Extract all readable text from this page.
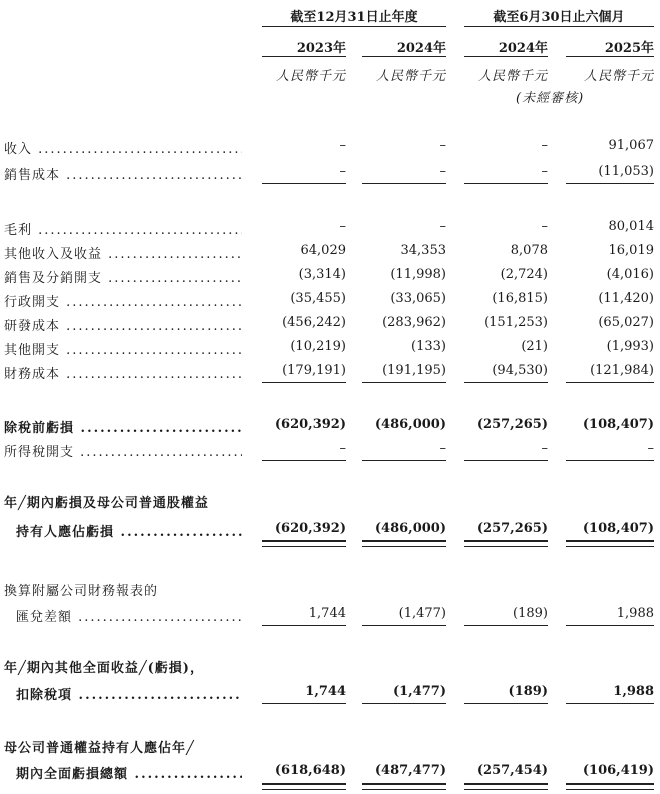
截至12月31日止年度	截至6月30日止六個月
2023年	2024年	2024年	2025年
人民幣千元	人民幣千元	人民幣千元	人民幣千元
(未經審核)
收入 .....	–	–	–	91,067
銷售成本 .....	–	–	–	(11,053)
毛利 .....	–	–	–	80,014
其他收入及收益 .....	64,029	34,353	8,078	16,019
銷售及分銷開支 .....	(3,314)	(11,998)	(2,724)	(4,016)
行政開支 .....	(35,455)	(33,065)	(16,815)	(11,420)
研發成本 .....	(456,242)	(283,962)	(151,253)	(65,027)
其他開支 .....	(10,219)	(133)	(21)	(1,993)
財務成本 .....	(179,191)	(191,195)	(94,530)	(121,984)
除稅前虧損 .....	(620,392)	(486,000)	(257,265)	(108,407)
所得稅開支 .....	–	–	–	–
年╱期內虧損及母公司普通股權益
持有人應佔虧損 .....	(620,392)	(486,000)	(257,265)	(108,407)
換算附屬公司財務報表的
匯兌差額 .....	1,744	(1,477)	(189)	1,988
年╱期內其他全面收益╱(虧損)，
扣除稅項 .....	1,744	(1,477)	(189)	1,988
母公司普通權益持有人應佔年╱
期內全面虧損總額 .....	(618,648)	(487,477)	(257,454)	(106,419)
